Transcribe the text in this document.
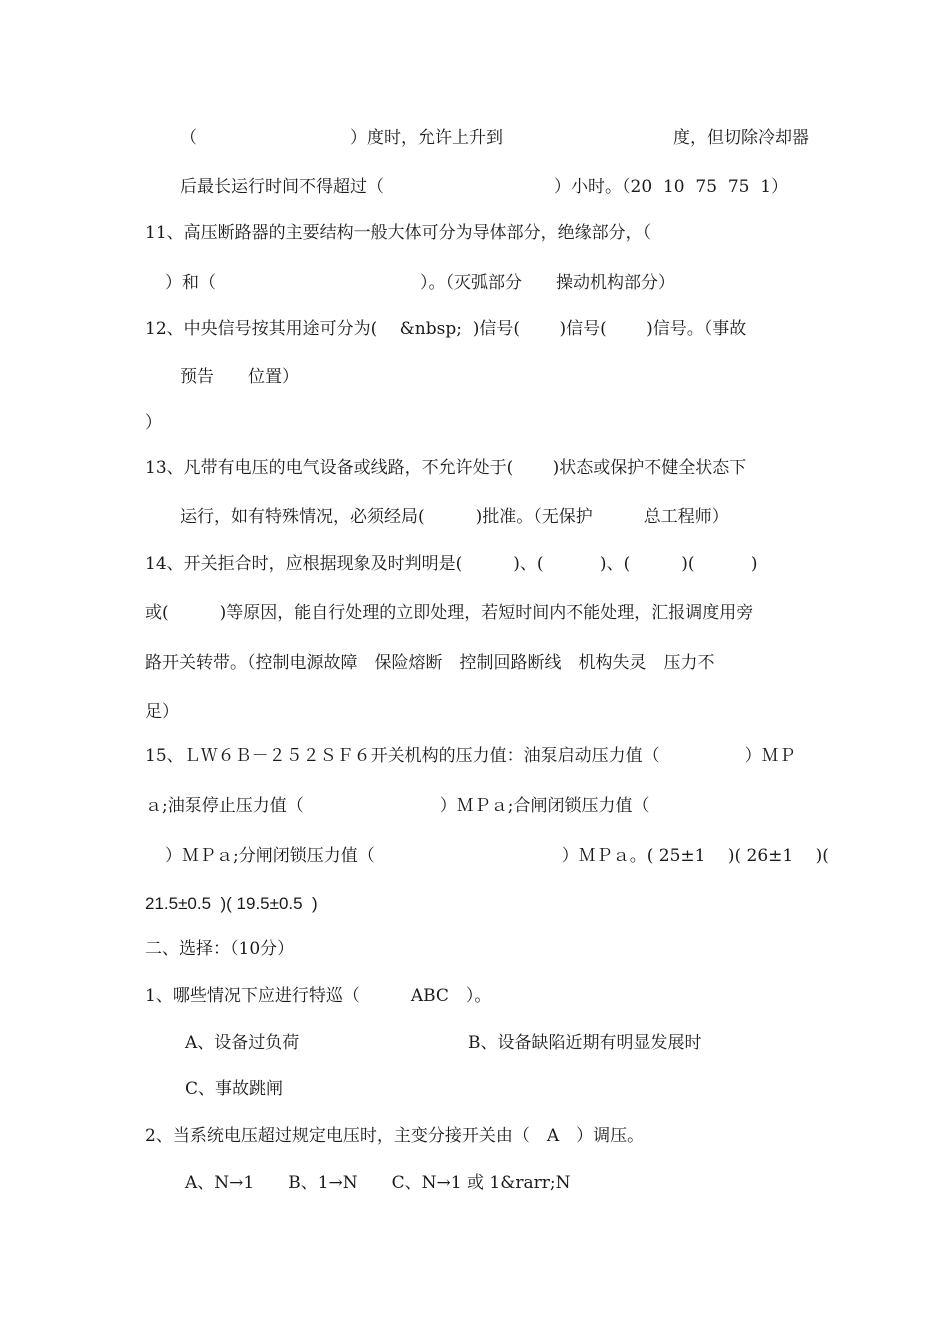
（　　　　　　　　　）度时，允许上升到　　　　　　　　　　度，但切除冷却器
后最长运行时间不得超过（　　　　　　　　　　）小时。（20  10  75  75  1）
11、高压断路器的主要结构一般大体可分为导体部分，绝缘部分，（
）和（　　　　　　　　　　　　）。（灭弧部分　　操动机构部分）
12、中央信号按其用途可分为(　 &nbsp;  )信号(　　 )信号(　　 )信号。（事故
预告　　位置）
）
13、凡带有电压的电气设备或线路，不允许处于(　　 )状态或保护不健全状态下
运行，如有特殊情况，必须经局(　　　)批准。（无保护　　　总工程师）
14、开关拒合时，应根据现象及时判明是(　　　)、(　　　 )、(　　　)(　　　 )
或(　　　)等原因，能自行处理的立即处理，若短时间内不能处理，汇报调度用旁
路开关转带。（控制电源故障　保险熔断　控制回路断线　机构失灵　压力不
足）
15、ＬＷ６Ｂ－２５２ＳＦ６开关机构的压力值：油泵启动压力值（　　　　　）ＭＰ
ａ;油泵停止压力值（　　　　　　　　）ＭＰａ;合闸闭锁压力值（
）ＭＰａ;分闸闭锁压力值（　　　　　　　　　　　）ＭＰａ。( 25±1 　)( 26±1 　)(
21.5±0.5  )( 19.5±0.5  )
二、选择：（10分）
1、哪些情况下应进行特巡（　　　ABC　）。
A、设备过负荷	B、设备缺陷近期有明显发展时
C、事故跳闸
2、当系统电压超过规定电压时，主变分接开关由（　A　）调压。
A、N→1　　B、1→N　　C、N→1 或 1&rarr;N
